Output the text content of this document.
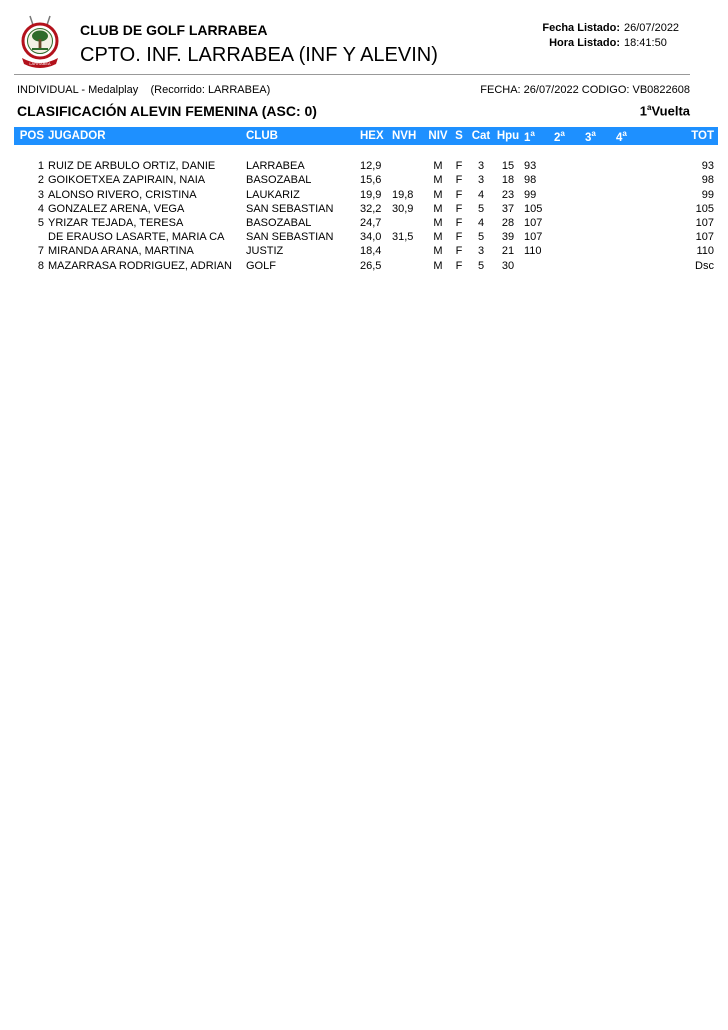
LARRABEA
CLUB DE GOLF LARRABEA
CPTO. INF. LARRABEA (INF Y ALEVIN)
Fecha Listado:
Hora Listado:
26/07/2022
18:41:50
INDIVIDUAL - Medalplay (Recorrido: LARRABEA)	FECHA: 26/07/2022 CODIGO: VB0822608
CLASIFICACIÓN ALEVIN FEMENINA (ASC: 0)	1$^a$Vuelta
POS	JUGADOR	CLUB	HEX	NVH	NIV	S	Cat	Hpu	1$^a$	2$^a$	3$^a$	4$^a$	TOT

1	RUIZ DE ARBULO ORTIZ, DANIE	LARRABEA	12,9		M	F	3	15	93				93
2	GOIKOETXEA ZAPIRAIN, NAIA	BASOZABAL	15,6		M	F	3	18	98				98
3	ALONSO RIVERO, CRISTINA	LAUKARIZ	19,9	19,8	M	F	4	23	99				99
4	GONZALEZ ARENA, VEGA	SAN SEBASTIAN	32,2	30,9	M	F	5	37	105				105
5	YRIZAR TEJADA, TERESA	BASOZABAL	24,7		M	F	4	28	107				107
	DE ERAUSO LASARTE, MARIA CA	SAN SEBASTIAN	34,0	31,5	M	F	5	39	107				107
7	MIRANDA ARANA, MARTINA	JUSTIZ	18,4		M	F	3	21	110				110
8	MAZARRASA RODRIGUEZ, ADRIAN	GOLF	26,5		M	F	5	30					Dsc
